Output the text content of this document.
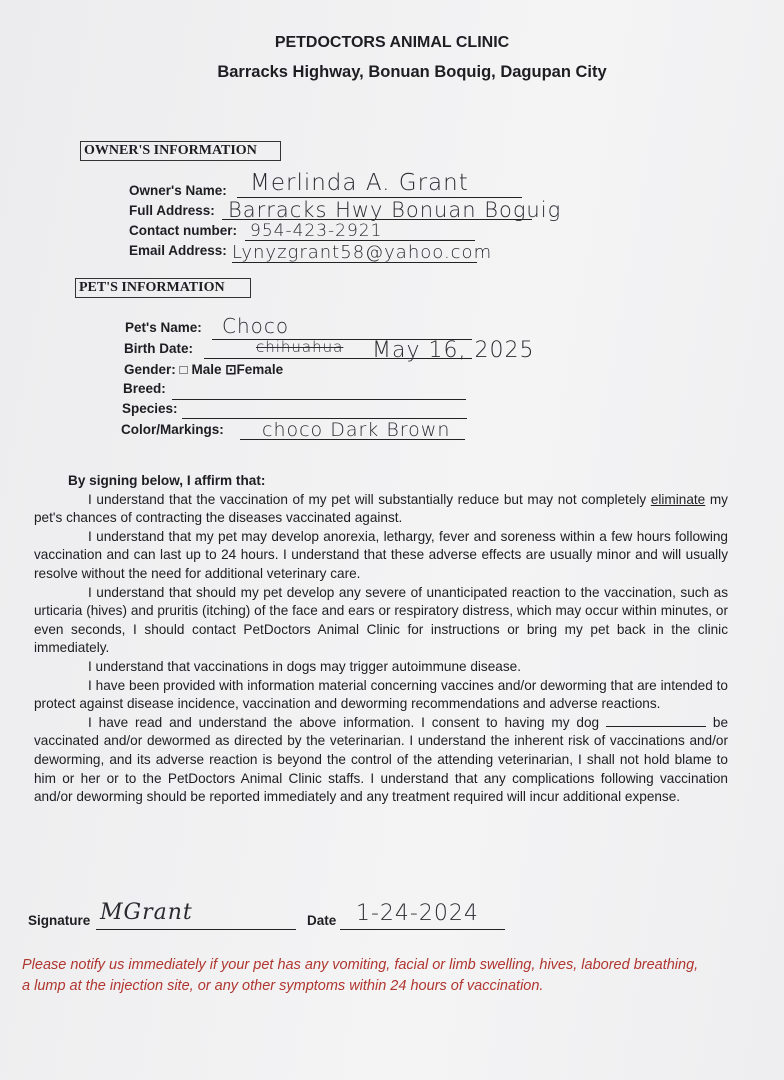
PETDOCTORS ANIMAL CLINIC
Barracks Highway, Bonuan Boquig, Dagupan City
OWNER'S INFORMATION
Owner's Name: Merlinda A. Grant
Full Address: Barracks Hwy Bonuan Boguig
Contact number: 954-423-2921
Email Address: Lynyzgrant58@yahoo.com
PET'S INFORMATION
Pet's Name: Choco
Birth Date:	chihuahua May 16, 2025
Gender: □ Male ⊡Female
Breed:
Species:
Color/Markings: choco Dark Brown

By signing below, I affirm that:

I understand that the vaccination of my pet will substantially reduce but may not completely eliminate my pet's chances of contracting the diseases vaccinated against.

I understand that my pet may develop anorexia, lethargy, fever and soreness within a few hours following vaccination and can last up to 24 hours. I understand that these adverse effects are usually minor and will usually resolve without the need for additional veterinary care.

I understand that should my pet develop any severe of unanticipated reaction to the vaccination, such as urticaria (hives) and pruritis (itching) of the face and ears or respiratory distress, which may occur within minutes, or even seconds, I should contact PetDoctors Animal Clinic for instructions or bring my pet back in the clinic immediately.

I understand that vaccinations in dogs may trigger autoimmune disease.

I have been provided with information material concerning vaccines and/or deworming that are intended to protect against disease incidence, vaccination and deworming recommendations and adverse reactions.

I have read and understand the above information. I consent to having my dog	be vaccinated and/or dewormed as directed by the veterinarian. I understand the inherent risk of vaccinations and/or deworming, and its adverse reaction is beyond the control of the attending veterinarian, I shall not hold blame to him or her or to the PetDoctors Animal Clinic staffs. I understand that any complications following vaccination and/or deworming should be reported immediately and any treatment required will incur additional expense.

Signature MGrant	Date 1-24-2024
Please notify us immediately if your pet has any vomiting, facial or limb swelling, hives, labored breathing, a lump at the injection site, or any other symptoms within 24 hours of vaccination.
